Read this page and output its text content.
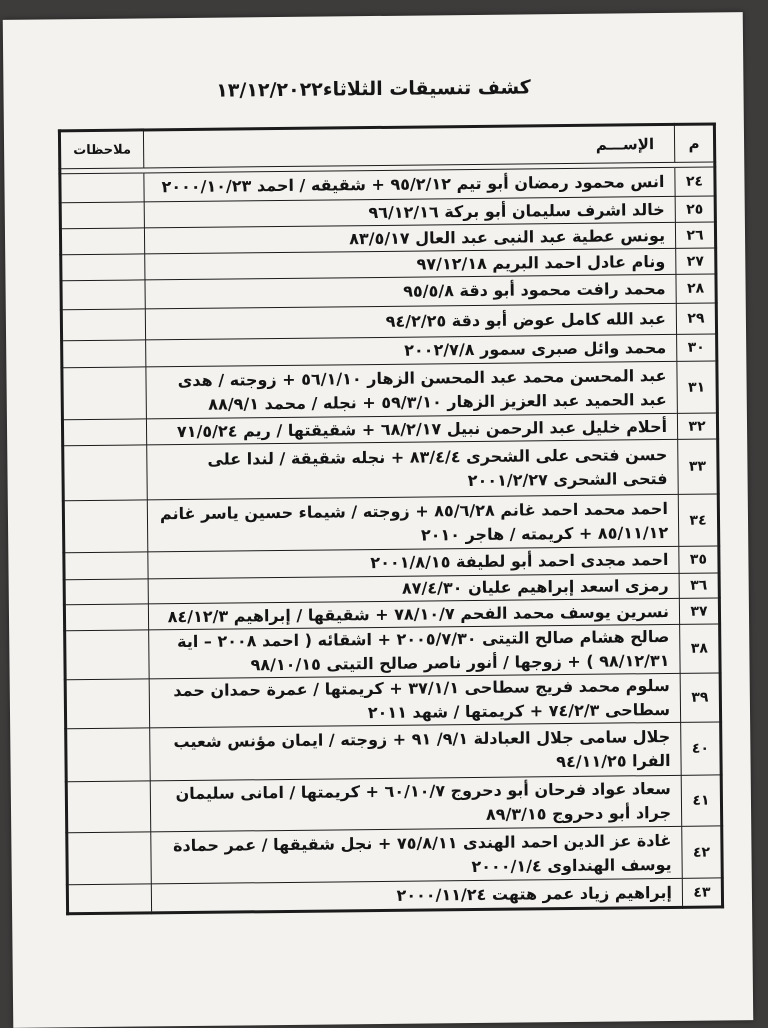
كشف تنسيقات الثلاثاء١٣/١٢/٢٠٢٢
م	الإســـم	ملاحظات

٢٤	انس محمود رمضان أبو تيم ٩٥/٢/١٢ + شقيقه / احمد ٢٠٠٠/١٠/٢٣	
٢٥	خالد اشرف سليمان أبو بركة ٩٦/١٢/١٦	
٢٦	يونس عطية عبد النبى عبد العال ٨٣/٥/١٧	
٢٧	ونام عادل احمد البريم ٩٧/١٢/١٨	
٢٨	محمد رافت محمود أبو دقة ٩٥/٥/٨	
٢٩	عبد الله كامل عوض أبو دقة ٩٤/٢/٢٥	
٣٠	محمد وائل صبرى سمور ٢٠٠٢/٧/٨	
٣١	عبد المحسن محمد عبد المحسن الزهار ٥٦/١/١٠ + زوجته / هدى عبد الحميد عبد العزيز الزهار ٥٩/٣/١٠ + نجله / محمد ٨٨/٩/١	
٣٢	أحلام خليل عبد الرحمن نبيل ٦٨/٢/١٧ + شقيقتها / ريم ٧١/٥/٢٤	
٣٣	حسن فتحى على الشحرى ٨٣/٤/٤ + نجله شقيقة / لندا على فتحى الشحرى ٢٠٠١/٢/٢٧	
٣٤	احمد محمد احمد غانم ٨٥/٦/٢٨ + زوجته / شيماء حسين ياسر غانم ٨٥/١١/١٢ + كريمته / هاجر ٢٠١٠	
٣٥	احمد مجدى احمد أبو لطيفة ٢٠٠١/٨/١٥	
٣٦	رمزى اسعد إبراهيم عليان ٨٧/٤/٣٠	
٣٧	نسرين يوسف محمد الفحم ٧٨/١٠/٧ + شقيقها / إبراهيم ٨٤/١٢/٣	
٣٨	صالح هشام صالح التيتى ٢٠٠٥/٧/٣٠ + اشقائه ( احمد ٢٠٠٨ – اية ٩٨/١٢/٣١ ) + زوجها / أنور ناصر صالح التيتى ٩٨/١٠/١٥	
٣٩	سلوم محمد فريج سطاحى ٣٧/١/١ + كريمتها / عمرة حمدان حمد سطاحى ٧٤/٢/٣ + كريمتها / شهد ٢٠١١	
٤٠	جلال سامى جلال العبادلة ٩/١/ ٩١ + زوجته / ايمان مؤنس شعيب الفرا ٩٤/١١/٢٥	
٤١	سعاد عواد فرحان أبو دحروج ٦٠/١٠/٧ + كريمتها / امانى سليمان جراد أبو دحروج ٨٩/٣/١٥	
٤٢	غادة عز الدين احمد الهندى ٧٥/٨/١١ + نجل شقيقها / عمر حمادة يوسف الهنداوى ٢٠٠٠/١/٤	
٤٣	إبراهيم زياد عمر هتهت ٢٠٠٠/١١/٢٤	
